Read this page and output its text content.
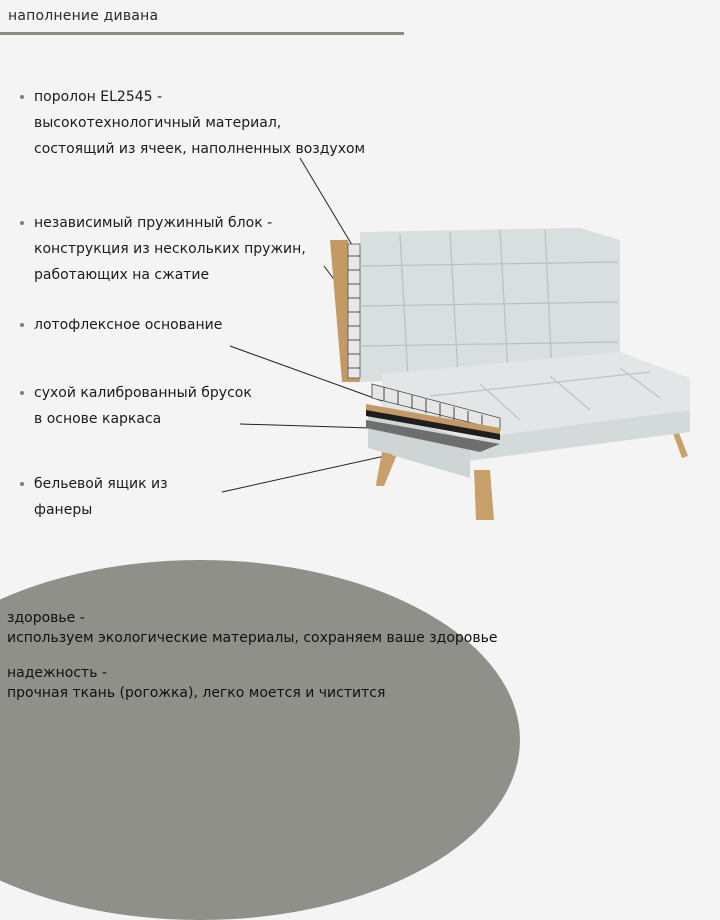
наполнение дивана
поролон EL2545 -
высокотехнологичный материал,
состоящий из ячеек, наполненных воздухом
независимый пружинный блок -
конструкция из нескольких пружин,
работающих на сжатие
лотофлексное основание
сухой калиброванный брусок
в основе каркаса
бельевой ящик из
фанеры
здоровье -
используем экологические материалы, сохраняем ваше здоровье
надежность -
прочная ткань (рогожка), легко моется и чистится
